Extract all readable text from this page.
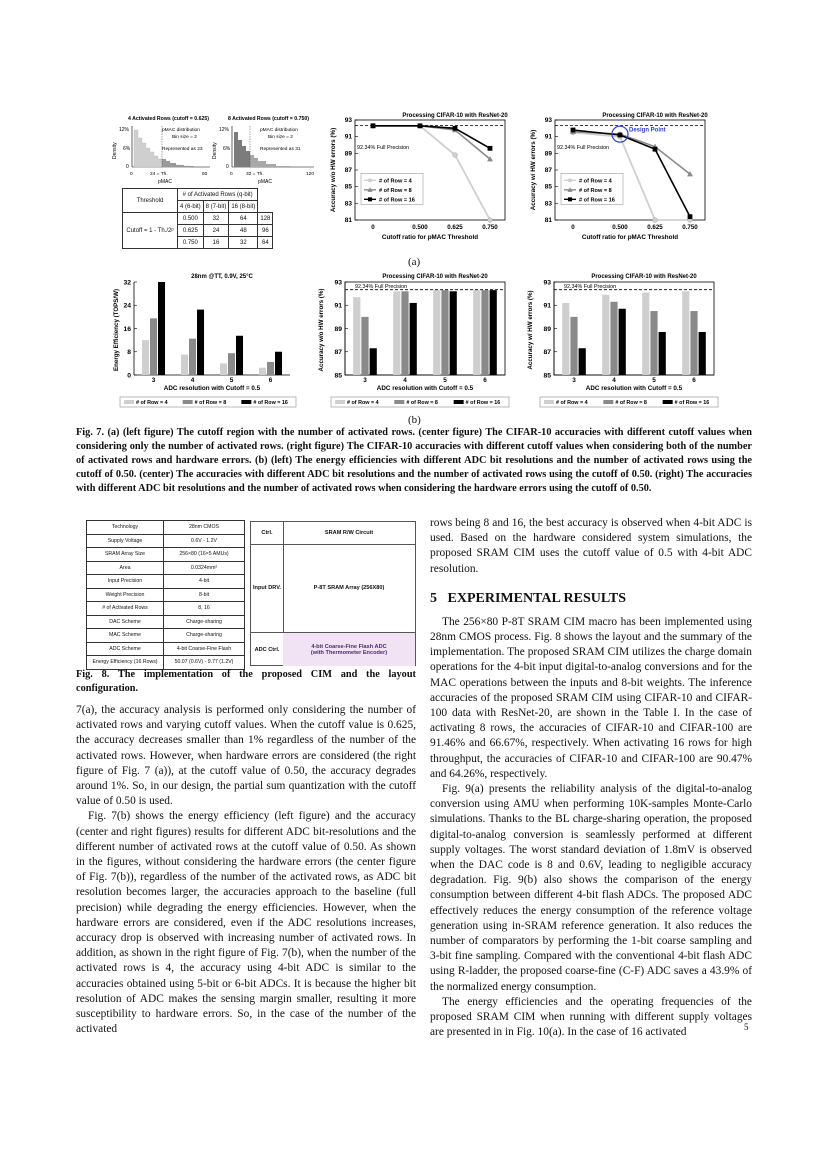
4 Activated Rows (cutoff = 0.625)
Density
12%
6%
0
pMAC distribution
Bin size = 2
Represented as 23
0	24 = Th.	60
pMAC
8 Activated Rows (cutoff = 0.750)
Density
12%
6%
0
pMAC distribution
Bin size = 2
Represented as 31
0	32 = Th.	120
pMAC
Threshold	# of Activated Rows (q-bit)			
	4 (6-bit)	8 (7-bit)	16 (8-bit)	
Cutoff = 1 - Th./2ᵖ	0.500	32	64	128
	0.625	24	48	96
	0.750	16	32	64
Processing CIFAR-10 with ResNet-20
81
83
85
87
89
91
93
0	0.500	0.625	0.750
Cutoff ratio for pMAC Threshold
Accuracy w/o HW errors (%)	92.34% Full Precision
# of Row = 4
# of Row = 8
# of Row = 16
Processing CIFAR-10 with ResNet-20
81
83
85
87
89
91
93
0	0.500	0.625	0.750
Cutoff ratio for pMAC Threshold
Accuracy w/ HW errors (%)	92.34% Full Precision
# of Row = 4
# of Row = 8
# of Row = 16
Design Point
(a)
28nm @TT, 0.9V, 25°C
0
8
16
24
32
3	4	5	6
ADC resolution with Cutoff = 0.5
Energy Efficiency (TOPS/W)
# of Row = 4	# of Row = 8	# of Row = 16
Processing CIFAR-10 with ResNet-20
85
87
89
91
93
3	4	5	6
ADC resolution with Cutoff = 0.5
Accuracy w/o HW errors (%)
92.34% Full Precision
# of Row = 4	# of Row = 8	# of Row = 16
Processing CIFAR-10 with ResNet-20
85
87
89
91
93
3	4	5	6
ADC resolution with Cutoff = 0.5
Accuracy w/ HW errors (%)
92.34% Full Precision
# of Row = 4	# of Row = 8	# of Row = 16
(b)
Fig. 7. (a) (left figure) The cutoff region with the number of activated rows. (center figure) The CIFAR-10 accuracies with different cutoff values when considering only the number of activated rows. (right figure) The CIFAR-10 accuracies with different cutoff values when considering both of the number of activated rows and hardware errors. (b) (left) The energy efficiencies with different ADC bit resolutions and the number of activated rows using the cutoff of 0.50. (center) The accuracies with different ADC bit resolutions and the number of activated rows using the cutoff of 0.50. (right) The accuracies with different ADC bit resolutions and the number of activated rows when considering the hardware errors using the cutoff of 0.50.
Technology	28nm CMOS
Supply Voltage	0.6V - 1.2V
SRAM Array Size	256×80 (16×5 AMUs)
Area	0.0324mm²
Input Precision	4-bit
Weight Precision	8-bit
# of Activated Rows	8, 16
DAC Scheme	Charge-sharing
MAC Scheme	Charge-sharing
ADC Scheme	4-bit Coarse-Fine Flash
Energy Efficiency (16 Rows)	50.07 (0.6V) - 9.77 (1.2V)
Ctrl.	SRAM R/W Circuit
Input DRV.	P-8T SRAM Array (256X80)
ADC Ctrl.	4-bit Coarse-Fine Flash ADC
(with Thermometer Encoder)
Fig. 8. The implementation of the proposed CIM and the layout configuration.

7(a), the accuracy analysis is performed only considering the number of activated rows and varying cutoff values. When the cutoff value is 0.625, the accuracy decreases smaller than 1% regardless of the number of the activated rows. However, when hardware errors are considered (the right figure of Fig. 7 (a)), at the cutoff value of 0.50, the accuracy degrades around 1%. So, in our design, the partial sum quantization with the cutoff value of 0.50 is used.

Fig. 7(b) shows the energy efficiency (left figure) and the accuracy (center and right figures) results for different ADC bit-resolutions and the different number of activated rows at the cutoff value of 0.50. As shown in the figures, without considering the hardware errors (the center figure of Fig. 7(b)), regardless of the number of the activated rows, as ADC bit resolution becomes larger, the accuracies approach to the baseline (full precision) while degrading the energy efficiencies. However, when the hardware errors are considered, even if the ADC resolutions increases, accuracy drop is observed with increasing number of activated rows. In addition, as shown in the right figure of Fig. 7(b), when the number of the activated rows is 4, the accuracy using 4-bit ADC is similar to the accuracies obtained using 5-bit or 6-bit ADCs. It is because the higher bit resolution of ADC makes the sensing margin smaller, resulting it more susceptibility to hardware errors. So, in the case of the number of the activated

rows being 8 and 16, the best accuracy is observed when 4-bit ADC is used. Based on the hardware considered system simulations, the proposed SRAM CIM uses the cutoff value of 0.5 with 4-bit ADC resolution.

5 EXPERIMENTAL RESULTS

The 256×80 P-8T SRAM CIM macro has been implemented using 28nm CMOS process. Fig. 8 shows the layout and the summary of the implementation. The proposed SRAM CIM utilizes the charge domain operations for the 4-bit input digital-to-analog conversions and for the MAC operations between the inputs and 8-bit weights. The inference accuracies of the proposed SRAM CIM using CIFAR-10 and CIFAR-100 data with ResNet-20, are shown in the Table I. In the case of activating 8 rows, the accuracies of CIFAR-10 and CIFAR-100 are 91.46% and 66.67%, respectively. When activating 16 rows for high throughput, the accuracies of CIFAR-10 and CIFAR-100 are 90.47% and 64.26%, respectively.

Fig. 9(a) presents the reliability analysis of the digital-to-analog conversion using AMU when performing 10K-samples Monte-Carlo simulations. Thanks to the BL charge-sharing operation, the proposed digital-to-analog conversion is seamlessly performed at different supply voltages. The worst standard deviation of 1.8mV is observed when the DAC code is 8 and 0.6V, leading to negligible accuracy degradation. Fig. 9(b) also shows the comparison of the energy consumption between different 4-bit flash ADCs. The proposed ADC effectively reduces the energy consumption of the reference voltage generation using in-SRAM reference generation. It also reduces the number of comparators by performing the 1-bit coarse sampling and 3-bit fine sampling. Compared with the conventional 4-bit flash ADC using R-ladder, the proposed coarse-fine (C-F) ADC saves a 43.9% of the normalized energy consumption.

The energy efficiencies and the operating frequencies of the proposed SRAM CIM when running with different supply voltages are presented in in Fig. 10(a). In the case of 16 activated	5
